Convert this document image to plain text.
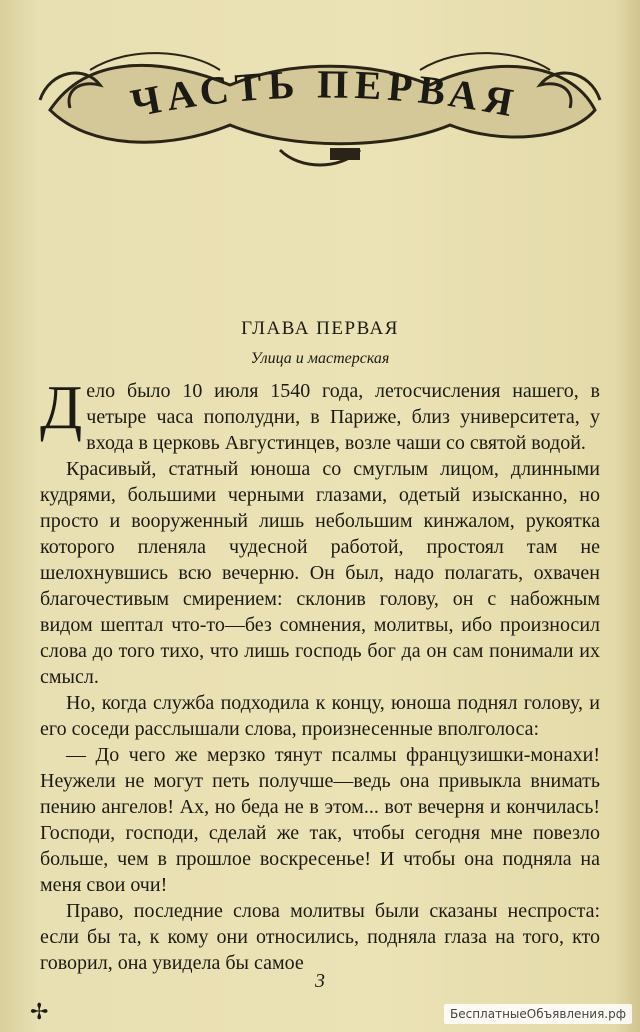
ЧАСТЬ ПЕРВАЯ
ГЛАВА ПЕРВАЯ
Улица и мастерская

Дело было 10 июля 1540 года, летосчисления нашего, в четыре часа пополудни, в Париже, близ университета, у входа в церковь Августинцев, возле чаши со святой водой.

Красивый, статный юноша со смуглым лицом, длинными кудрями, большими черными глазами, одетый изысканно, но просто и вооруженный лишь небольшим кинжалом, рукоятка которого пленяла чудесной работой, простоял там не шелохнувшись всю вечерню. Он был, надо полагать, охвачен благочестивым смирением: склонив голову, он с набожным видом шептал что-то—без сомнения, молитвы, ибо произносил слова до того тихо, что лишь господь бог да он сам понимали их смысл.

Но, когда служба подходила к концу, юноша поднял голову, и его соседи расслышали слова, произнесенные вполголоса:

— До чего же мерзко тянут псалмы французишки-монахи! Неужели не могут петь получше—ведь она привыкла внимать пению ангелов! Ах, но беда не в этом... вот вечерня и кончилась! Господи, господи, сделай же так, чтобы сегодня мне повезло больше, чем в прошлое воскресенье! И чтобы она подняла на меня свои очи!

Право, последние слова молитвы были сказаны неспроста: если бы та, к кому они относились, подняла глаза на того, кто говорил, она увидела бы самое

3
✢	БесплатныеОбъявления.рф
